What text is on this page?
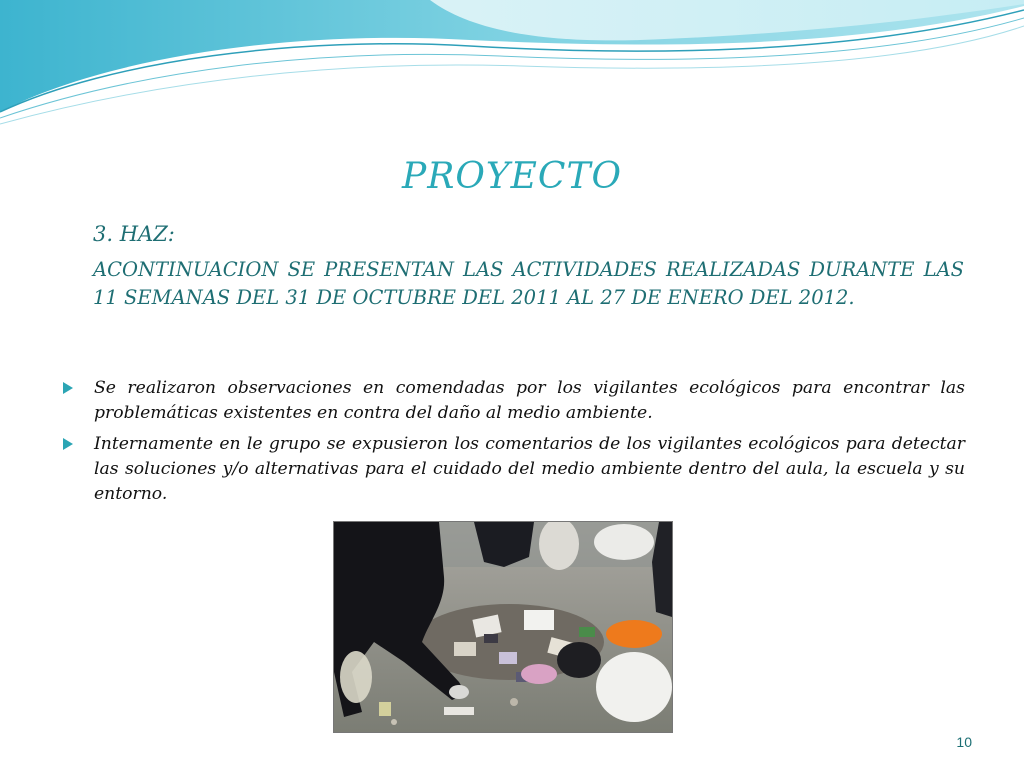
PROYECTO
3. HAZ:
ACONTINUACION SE PRESENTAN LAS ACTIVIDADES REALIZADAS DURANTE LAS 11 SEMANAS DEL 31 DE OCTUBRE DEL 2011 AL 27 DE ENERO DEL 2012.
Se realizaron observaciones en comendadas por los vigilantes ecológicos para encontrar las problemáticas existentes en contra del daño al medio ambiente.
Internamente en le grupo se expusieron los comentarios de los vigilantes ecológicos para detectar las soluciones y/o alternativas para el cuidado del medio ambiente dentro del aula, la escuela y su entorno.
10
